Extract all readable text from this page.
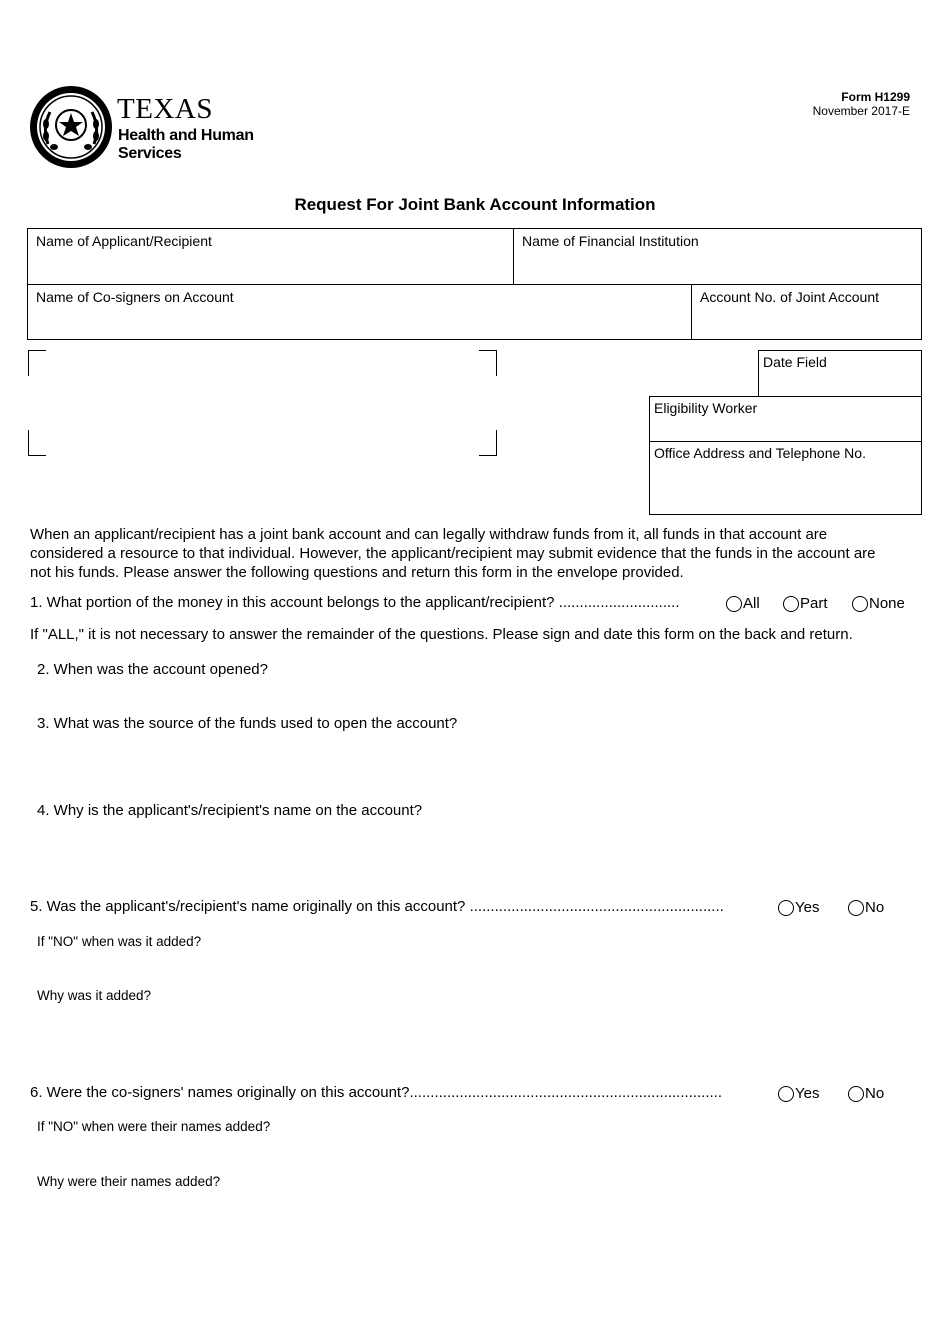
TEXAS
Health and Human
Services
Form H1299
November 2017-E
Request For Joint Bank Account Information
Name of Applicant/Recipient	Name of Financial Institution
Name of Co-signers on Account	Account No. of Joint Account
Date Field
Eligibility Worker
Office Address and Telephone No.
When an applicant/recipient has a joint bank account and can legally withdraw funds from it, all funds in that account are
considered a resource to that individual. However, the applicant/recipient may submit evidence that the funds in the account are
not his funds. Please answer the following questions and return this form in the envelope provided.
1. What portion of the money in this account belongs to the applicant/recipient? .............................	All	Part	None
If "ALL," it is not necessary to answer the remainder of the questions. Please sign and date this form on the back and return.
2. When was the account opened?
3. What was the source of the funds used to open the account?
4. Why is the applicant's/recipient's name on the account?
5. Was the applicant's/recipient's name originally on this account? .............................................................	Yes	No
If "NO" when was it added?
Why was it added?
6. Were the co-signers' names originally on this account?...........................................................................	Yes	No
If "NO" when were their names added?
Why were their names added?
